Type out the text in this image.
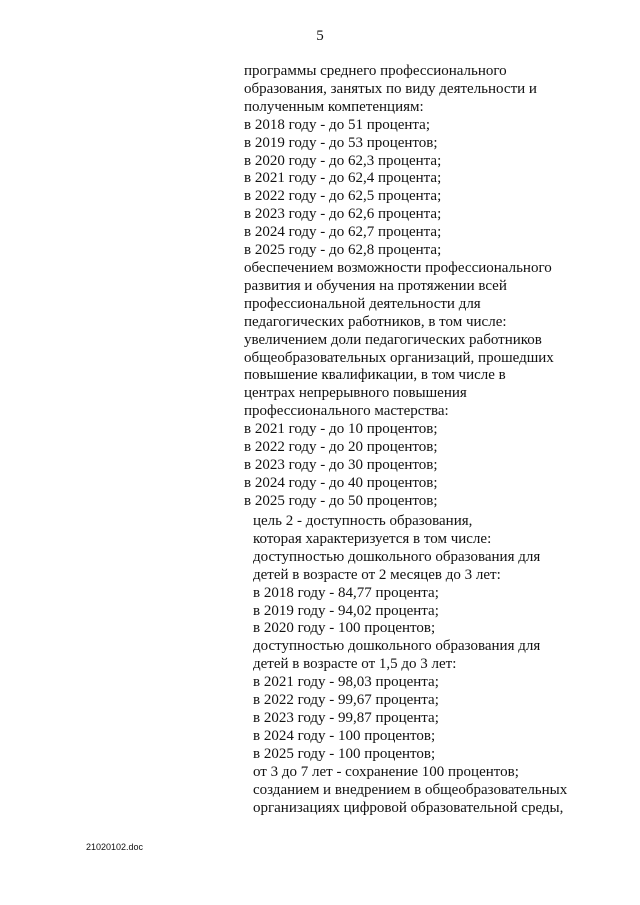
5
программы среднего профессионального
образования, занятых по виду деятельности и
полученным компетенциям:
в 2018 году - до 51 процента;
в 2019 году - до 53 процентов;
в 2020 году - до 62,3 процента;
в 2021 году - до 62,4 процента;
в 2022 году - до 62,5 процента;
в 2023 году - до 62,6 процента;
в 2024 году - до 62,7 процента;
в 2025 году - до 62,8 процента;
обеспечением возможности профессионального
развития и обучения на протяжении всей
профессиональной деятельности для
педагогических работников, в том числе:
увеличением доли педагогических работников
общеобразовательных организаций, прошедших
повышение квалификации, в том числе в
центрах непрерывного повышения
профессионального мастерства:
в 2021 году - до 10 процентов;
в 2022 году - до 20 процентов;
в 2023 году - до 30 процентов;
в 2024 году - до 40 процентов;
в 2025 году - до 50 процентов;
цель 2 - доступность образования,
которая характеризуется в том числе:
доступностью дошкольного образования для
детей в возрасте от 2 месяцев до 3 лет:
в 2018 году - 84,77 процента;
в 2019 году - 94,02 процента;
в 2020 году - 100 процентов;
доступностью дошкольного образования для
детей в возрасте от 1,5 до 3 лет:
в 2021 году - 98,03 процента;
в 2022 году - 99,67 процента;
в 2023 году - 99,87 процента;
в 2024 году - 100 процентов;
в 2025 году - 100 процентов;
от 3 до 7 лет - сохранение 100 процентов;
созданием и внедрением в общеобразовательных
организациях цифровой образовательной среды,
21020102.doc
